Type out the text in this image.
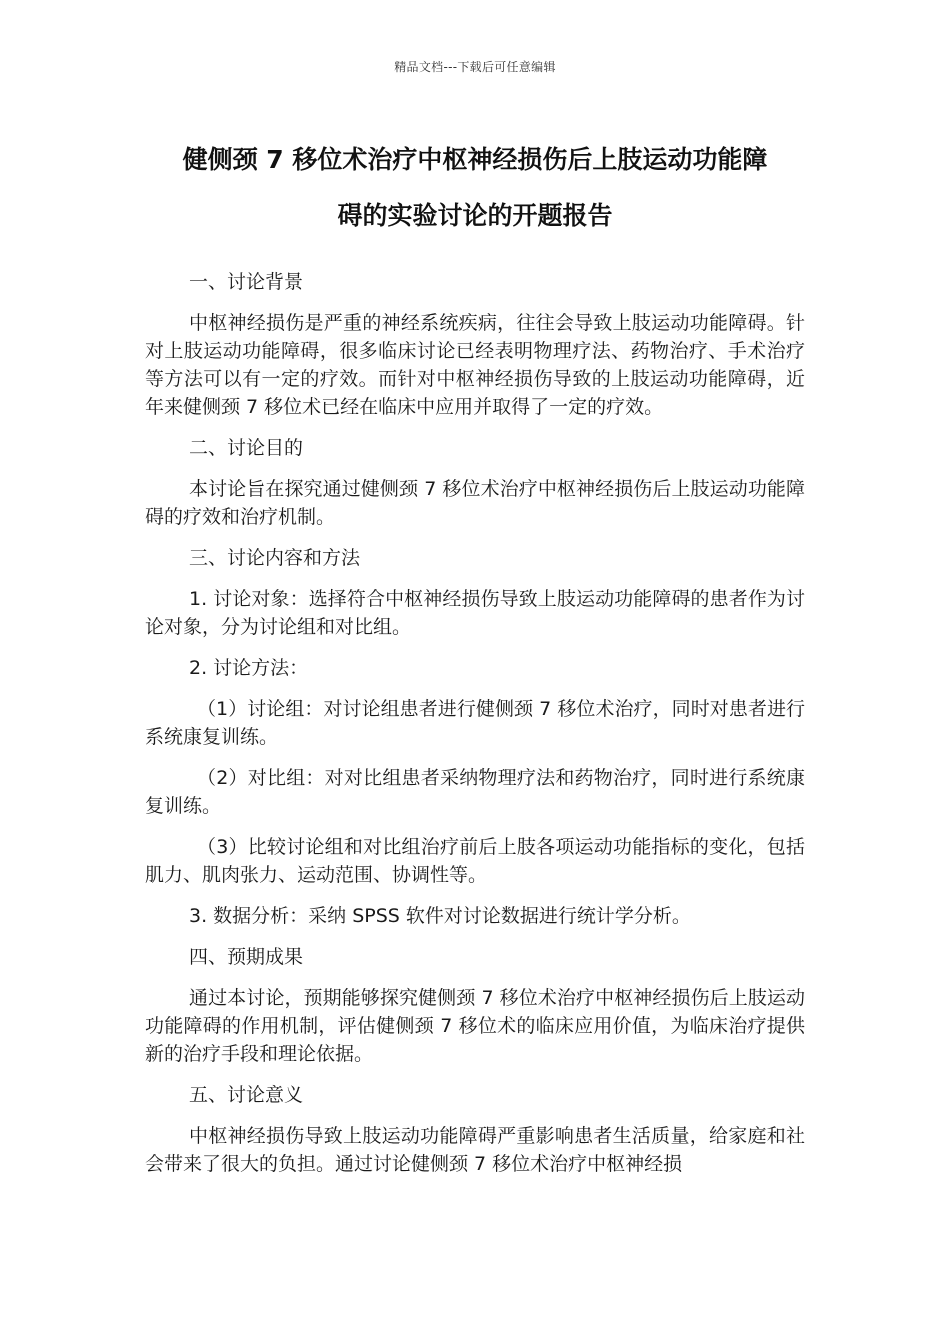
精品文档---下载后可任意编辑
健侧颈 7 移位术治疗中枢神经损伤后上肢运动功能障
碍的实验讨论的开题报告

一、讨论背景

中枢神经损伤是严重的神经系统疾病，往往会导致上肢运动功能障碍。针对上肢运动功能障碍，很多临床讨论已经表明物理疗法、药物治疗、手术治疗等方法可以有一定的疗效。而针对中枢神经损伤导致的上肢运动功能障碍，近年来健侧颈 7 移位术已经在临床中应用并取得了一定的疗效。

二、讨论目的

本讨论旨在探究通过健侧颈 7 移位术治疗中枢神经损伤后上肢运动功能障碍的疗效和治疗机制。

三、讨论内容和方法

1. 讨论对象：选择符合中枢神经损伤导致上肢运动功能障碍的患者作为讨论对象，分为讨论组和对比组。

2. 讨论方法：

（1）讨论组：对讨论组患者进行健侧颈 7 移位术治疗，同时对患者进行系统康复训练。

（2）对比组：对对比组患者采纳物理疗法和药物治疗，同时进行系统康复训练。

（3）比较讨论组和对比组治疗前后上肢各项运动功能指标的变化，包括肌力、肌肉张力、运动范围、协调性等。

3. 数据分析：采纳 SPSS 软件对讨论数据进行统计学分析。

四、预期成果

通过本讨论，预期能够探究健侧颈 7 移位术治疗中枢神经损伤后上肢运动功能障碍的作用机制，评估健侧颈 7 移位术的临床应用价值，为临床治疗提供新的治疗手段和理论依据。

五、讨论意义

中枢神经损伤导致上肢运动功能障碍严重影响患者生活质量，给家庭和社会带来了很大的负担。通过讨论健侧颈 7 移位术治疗中枢神经损
